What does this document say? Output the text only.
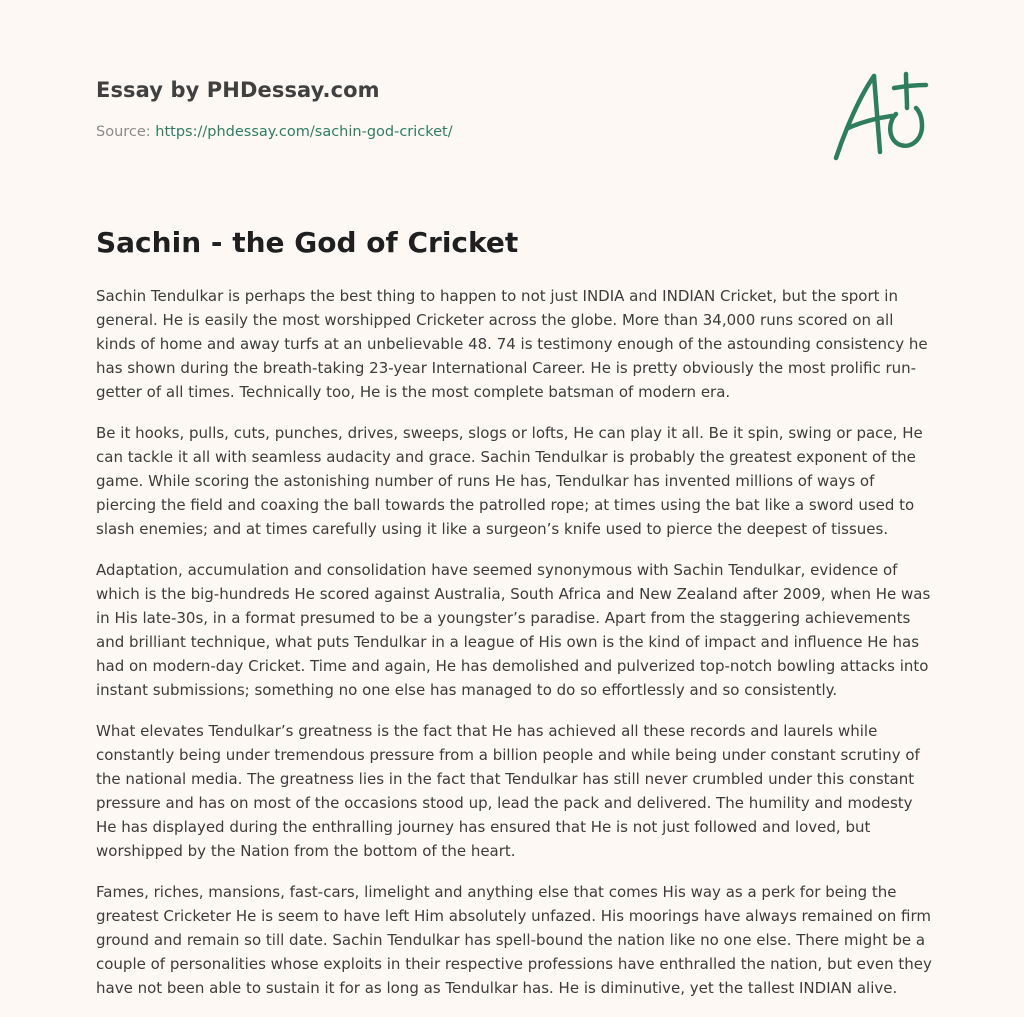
Essay by PHDessay.com

Source: https://phdessay.com/sachin-god-cricket/

Sachin - the God of Cricket

Sachin Tendulkar is perhaps the best thing to happen to not just INDIA and INDIAN Cricket, but the sport in general. He is easily the most worshipped Cricketer across the globe. More than 34,000 runs scored on all kinds of home and away turfs at an unbelievable 48. 74 is testimony enough of the astounding consistency he has shown during the breath-taking 23-year International Career. He is pretty obviously the most prolific run-getter of all times. Technically too, He is the most complete batsman of modern era.

Be it hooks, pulls, cuts, punches, drives, sweeps, slogs or lofts, He can play it all. Be it spin, swing or pace, He can tackle it all with seamless audacity and grace. Sachin Tendulkar is probably the greatest exponent of the game. While scoring the astonishing number of runs He has, Tendulkar has invented millions of ways of piercing the field and coaxing the ball towards the patrolled rope; at times using the bat like a sword used to slash enemies; and at times carefully using it like a surgeon’s knife used to pierce the deepest of tissues.

Adaptation, accumulation and consolidation have seemed synonymous with Sachin Tendulkar, evidence of which is the big-hundreds He scored against Australia, South Africa and New Zealand after 2009, when He was in His late-30s, in a format presumed to be a youngster’s paradise. Apart from the staggering achievements and brilliant technique, what puts Tendulkar in a league of His own is the kind of impact and influence He has had on modern-day Cricket. Time and again, He has demolished and pulverized top-notch bowling attacks into instant submissions; something no one else has managed to do so effortlessly and so consistently.

What elevates Tendulkar’s greatness is the fact that He has achieved all these records and laurels while constantly being under tremendous pressure from a billion people and while being under constant scrutiny of the national media. The greatness lies in the fact that Tendulkar has still never crumbled under this constant pressure and has on most of the occasions stood up, lead the pack and delivered. The humility and modesty He has displayed during the enthralling journey has ensured that He is not just followed and loved, but worshipped by the Nation from the bottom of the heart.

Fames, riches, mansions, fast-cars, limelight and anything else that comes His way as a perk for being the greatest Cricketer He is seem to have left Him absolutely unfazed. His moorings have always remained on firm ground and remain so till date. Sachin Tendulkar has spell-bound the nation like no one else. There might be a couple of personalities whose exploits in their respective professions have enthralled the nation, but even they have not been able to sustain it for as long as Tendulkar has. He is diminutive, yet the tallest INDIAN alive.
